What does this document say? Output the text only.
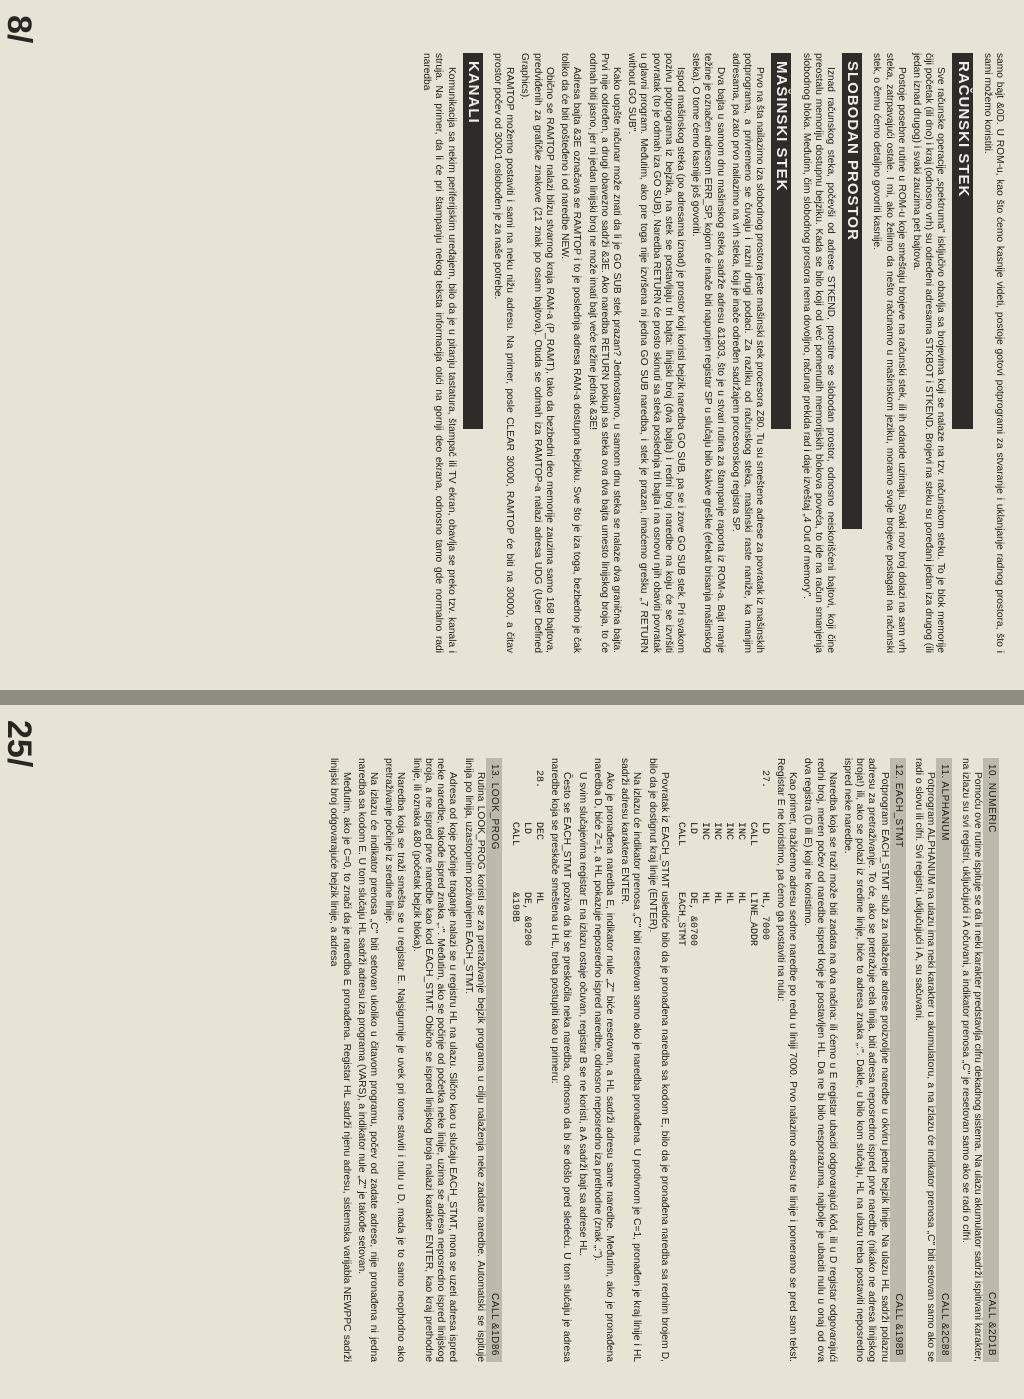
samo bajt &0D. U ROM-u, kao što ćemo kasnije videti, postoje gotovi potprogrami za stvaranje i uklanjanje radnog prostora, što i sami možemo koristiti.

RAČUNSKI STEK

Sve računske operacije „spektruma" isključivo obavlja sa brojevima koji se nalaze na tzv. računskom steku. To je blok memorije čiji početak (ili dno) i kraj (odnosno vrh) su određeni adresama STKBOT i STKEND. Brojevi na steku su poređani jedan iza drugog (ili jedan iznad drugog) i svaki zauzima pet bajtova.

Postoje posebne rutine u ROM-u koje smeštaju brojeve na računski stek, ili ih odande uzimaju. Svaki nov broj dolazi na sam vrh steka, zatrpavajući ostale. I mi, ako želimo da nešto računamo u mašinskom jeziku, moramo svoje brojeve poslagati na računski stek, o čemu ćemo detaljno govoriti kasnije.

SLOBODAN PROSTOR

Iznad računskog steka, počevši od adrese STKEND, prostire se slobodan prostor, odnosno neiskorišćeni bajtovi, koji čine preostalu memoriju dostupnu bejziku. Kada se bilo koji od već pomenutih memorijskih blokova poveća, to ide na račun smanjenja slobodnog bloka. Međutim, čim slobodnog prostora nema dovoljno, računar prekida rad i daje izveštaj „4 Out of memory".

MAŠINSKI STEK

Prvo na šta nailazimo iza slobodnog prostora jeste mašinski stek procesora Z80. Tu su smeštene adrese za povratak iz mašinskih potprograma, a privremeno se čuvaju i razni drugi podaci. Za razliku od računskog steka, mašinski raste naniže, ka manjim adresama, pa zato prvo nailazimo na vrh steka, koji je inače određen sadržajem procesorskog registra SP.

Dva bajta u samom dnu mašinskog steka sadrže adresu &1303, što je u stvari rutina za štampanje raporta iz ROM-a. Bajt manje težine je označen adresom ERR_SP, kojom će inače biti napunjen registar SP u slučaju bilo kakve greške (efekat brisanja mašinskog steka). O tome ćemo kasnije još govoriti.

Ispod mašinskog steka (po adresama iznad) je prostor koji koristi bejzik naredba GO SUB, pa se i zove GO SUB stek. Pri svakom pozivu potprograma iz bejzika, na stek se postavljaju tri bajta: linijski broj (dva bajta) i redni broj naredbe na koju će se izvršiti povratak (to je odmah iza GO SUB). Naredba RETURN će prosto skinuti sa steka poslednja tri bajta i na osnovu njih obaviti povratak u glavni program. Međutim, ako pre toga nije izvršena ni jedna GO SUB naredba, i stek je prazan, imaćemo grešku „7 RETURN without GO SUB".

Kako uopšte računar može znati da li je GO SUB stek prazan? Jednostavno, u samom dnu steka se nalaze dva granična bajta. Prvi nije određen, a drugi obavezno sadrži &3E. Ako naredba RETURN pokupi sa steka ova dva bajta umesto linijskog broja, to će odmah biti jasno, jer ni jedan linijski broj ne može imati bajt veće težine jednak &3E!

Adresa bajta &3E označava se RAMTOP i to je poslednja adresa RAM-a dostupna bejziku. Sve što je iza toga, bezbedno je čak toliko da će biti pošteđeno i od naredbe NEW.

Obično se RAMTOP nalazi blizu stvarnog kraja RAM-a (P_RAMT), tako da bezbedni deo memorije zauzima samo 168 bajtova, predviđenih za grafičke znakove (21 znak po osam bajtova). Otuda se odmah iza RAMTOP-a nalazi adresa UDG (User Defined Graphics).

RAMTOP možemo postaviti i sami na neku nižu adresu. Na primer, posle CLEAR 30000, RAMTOP će biti na 30000, a čitav prostor počev od 30001 oslobođen je za naše potrebe.

KANALI

Komunikacija sa nekim periferijskim uređajem, bilo da je u pitanju tastatura, štampač ili TV ekran, obavlja se preko tzv. kanala i struja. Na primer, da li će pri štampanju nekog teksta informacija otići na gornji deo ekrana, odnosno tamo gde normalno radi naredba

8/
10. NUMERIC
CALL &2D1B

Pomoću ove rutine ispituje se da li neki karakter predstavlja cifru dekadnog sistema. Na ulazu akumulator sadrži ispitivani karakter, na izlazu su svi registri, uključujući i A očuvani, a indikator prenosa „C" je resetovan samo ako se radi o cifri.

11. ALPHANUM
CALL &2C88

Potprogram ALPHANUM na ulazu ima neki karakter u akumulatoru, a na izlazu će indikator prenosa „C" biti setovan samo ako se radi o slovu ili cifri. Svi registri, uključujući i A, su sačuvani.

12. EACH_STMT
CALL &198B

Potprogram EACH_STMT služi za nalaženje adrese proizvoljne naredbe u okviru jedne bejzik linije. Na ulazu HL sadrži polaznu adresu za pretraživanje. To će, ako se pretražuje cela linija, biti adresa neposredno ispred prve naredbe (nikako ne adresa linijskog broja!) ili, ako se polazi iz sredine linije, biće to adresa znaka „:". Dakle, u bilo kom slučaju, HL na ulazu treba postaviti neposredno ispred neke naredbe.

Naredba koja se traži može biti zadata na dva načina: ili ćemo u E registar ubaciti odgovarajući kôd, ili u D registar odgovarajući redni broj, meren počev od naredbe ispred koje je postavljen HL. Da ne bi bilo nesporazuma, najbolje je ubaciti nulu u onaj od ova dva registra (D ili E) koji ne koristimo.

Kao primer, tražićemo adresu sedme naredbe po redu u liniji 7000. Prvo nalazimo adresu te linije i pomeramo se pred sam tekst. Registar E ne koristimo, pa ćemo ga postaviti na nulu:

27.
LD
HL, 7000
CALL
LINE_ADDR
INC
HL
INC
HL
INC
HL
INC
HL
LD
DE, &0700
CALL
EACH_STMT

Povratak iz EACH_STMT uslediće bilo da je pronađena naredba sa kodom E, bilo da je pronađena naredba sa rednim brojem D, bilo da je dostignut kraj linije (ENTER).

Na izlazu će indikator prenosa „C" biti resetovan samo ako je naredba pronađena. U protivnom je C=1, pronađen je kraj linije i HL sadrži adresu karaktera ENTER.

Ako je pronađena naredba E, indikator nule „Z" biće resetovan, a HL sadrži adresu same naredbe. Međutim, ako je pronađena naredba D, biće Z=1, a HL pokazuje neposredno ispred naredbe, odnosno neposredno iza prethodne (znak „:").

U svim slučajevima registar E na izlazu ostaje očuvan, registar B se ne koristi, a A sadrži bajt sa adrese HL.

Često se EACH_STMT poziva da bi se preskočila neka naredba, odnosno da bi se došlo pred sledeću. U tom slučaju je adresa naredbe koja se preskače smeštena u HL, treba postupiti kao u primeru:

28.
DEC
HL
LD
DE, &0200
CALL
&198B
13. LOOK_PROG
CALL &1D86

Rutina LOOK_PROG koristi se za pretraživanje bejzik programa u cilju nalaženja neke zadate naredbe. Automatski se ispituje linija po linija, uzastopnim pozivanjem EACH_STMT.

Adresa od koje počinje traganje nalazi se u registru HL na ulazu. Slično kao u slučaju EACH_STMT, mora se uzeti adresa ispred neke naredbe, takođe ispred znaka „:". Međutim, ako se počinje od početka neke linije, uzima se adresa neposredno ispred linijskog broja, a ne ispred prve naredbe kao kod EACH_STMT. Obično se ispred linijskog broja nalazi karakter ENTER, kao kraj prethodne linije, ili oznaka &80 (početak bejzik bloka).

Naredba koja se traži smešta se u registar E. Najsigurnije je uvek pri tome staviti i nulu u D, mada je to samo neophodno ako pretraživanje počinje iz sredine linije.

Na izlazu će indikator prenosa „C" biti setovan ukoliko u čitavom programu, počev od zadate adrese, nije pronađena ni jedna naredba sa kodom E. U tom slučaju HL sadrži adresu iza programa (VARS), a indikator nule „Z" je takođe setovan.

Međutim, ako je C=0, to znači da je naredba E pronađena. Registar HL sadrži njenu adresu, sistemska varijabla NEWPPC sadrži linijski broj odgovarajuće bejzik linije, a adresa

25/
